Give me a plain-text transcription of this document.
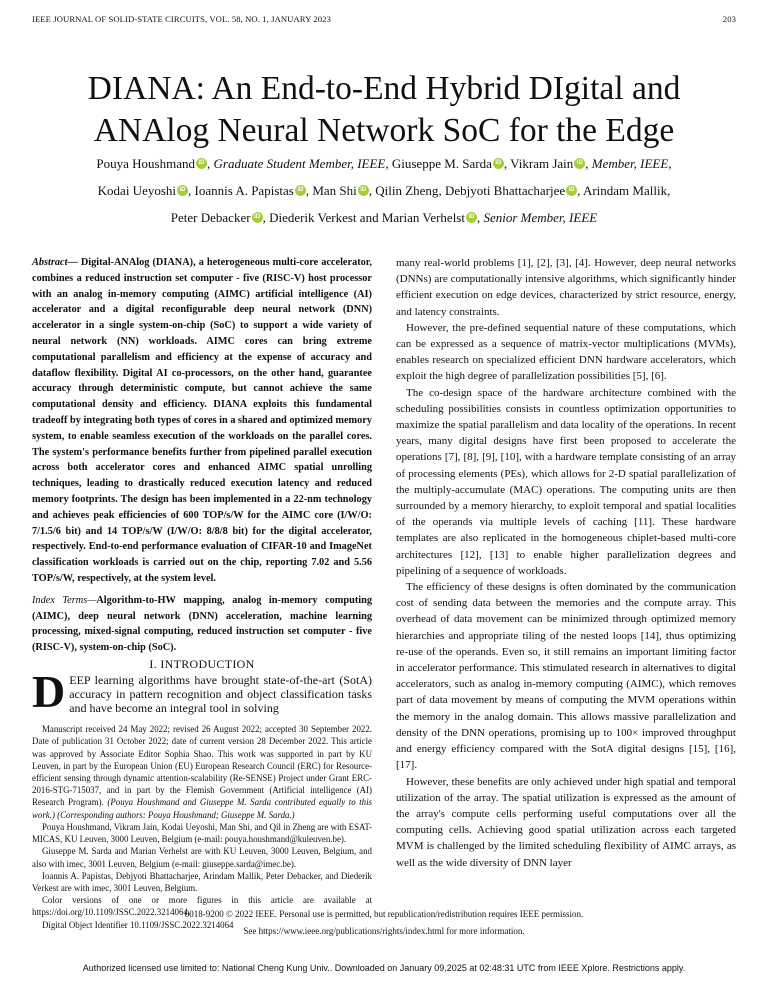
IEEE JOURNAL OF SOLID-STATE CIRCUITS, VOL. 58, NO. 1, JANUARY 2023	203
DIANA: An End-to-End Hybrid DIgital and
ANAlog Neural Network SoC for the Edge
Pouya Houshmand iD , Graduate Student Member, IEEE, Giuseppe M. Sarda iD , Vikram Jain iD , Member, IEEE,
Kodai Ueyoshi iD , Ioannis A. Papistas iD , Man Shi iD , Qilin Zheng, Debjyoti Bhattacharjee iD , Arindam Mallik,
Peter Debacker iD , Diederik Verkest and Marian Verhelst iD , Senior Member, IEEE
Abstract— Digital-ANAlog (DIANA), a heterogeneous multi-core accelerator, combines a reduced instruction set computer - five (RISC-V) host processor with an analog in-memory computing (AIMC) artificial intelligence (AI) accelerator and a digital reconfigurable deep neural network (DNN) accelerator in a single system-on-chip (SoC) to support a wide variety of neural network (NN) workloads. AIMC cores can bring extreme computational parallelism and efficiency at the expense of accuracy and dataflow flexibility. Digital AI co-processors, on the other hand, guarantee accuracy through deterministic compute, but cannot achieve the same computational density and efficiency. DIANA exploits this fundamental tradeoff by integrating both types of cores in a shared and optimized memory system, to enable seamless execution of the workloads on the parallel cores. The system's performance benefits further from pipelined parallel execution across both accelerator cores and enhanced AIMC spatial unrolling techniques, leading to drastically reduced execution latency and reduced memory footprints. The design has been implemented in a 22-nm technology and achieves peak efficiencies of 600 TOP/s/W for the AIMC core (I/W/O: 7/1.5/6 bit) and 14 TOP/s/W (I/W/O: 8/8/8 bit) for the digital accelerator, respectively. End-to-end performance evaluation of CIFAR-10 and ImageNet classification workloads is carried out on the chip, reporting 7.02 and 5.56 TOP/s/W, respectively, at the system level.
Index Terms—Algorithm-to-HW mapping, analog in-memory computing (AIMC), deep neural network (DNN) acceleration, machine learning processing, mixed-signal computing, reduced instruction set computer - five (RISC-V), system-on-chip (SoC).
I. INTRODUCTION
DEEP learning algorithms have brought state-of-the-art (SotA) accuracy in pattern recognition and object classification tasks and have become an integral tool in solving
Manuscript received 24 May 2022; revised 26 August 2022; accepted 30 September 2022. Date of publication 31 October 2022; date of current version 28 December 2022. This article was approved by Associate Editor Sophia Shao. This work was supported in part by KU Leuven, in part by the European Union (EU) European Research Council (ERC) for Resource-efficient sensing through dynamic attention-scalability (Re-SENSE) Project under Grant ERC-2016-STG-715037, and in part by the Flemish Government (Artificial intelligence (AI) Research Program). (Pouya Houshmand and Giuseppe M. Sarda contributed equally to this work.) (Corresponding authors: Pouya Houshmand; Giuseppe M. Sarda.)
Pouya Houshmand, Vikram Jain, Kodai Ueyoshi, Man Shi, and Qil in Zheng are with ESAT-MICAS, KU Leuven, 3000 Leuven, Belgium (e-mail: pouya.houshmand@kuleuven.be).
Giuseppe M. Sarda and Marian Verhelst are with KU Leuven, 3000 Leuven, Belgium, and also with imec, 3001 Leuven, Belgium (e-mail: giuseppe.sarda@imec.be).
Ioannis A. Papistas, Debjyoti Bhattacharjee, Arindam Mallik, Peter Debacker, and Diederik Verkest are with imec, 3001 Leuven, Belgium.
Color versions of one or more figures in this article are available at https://doi.org/10.1109/JSSC.2022.3214064.
Digital Object Identifier 10.1109/JSSC.2022.3214064
many real-world problems [1], [2], [3], [4]. However, deep neural networks (DNNs) are computationally intensive algorithms, which significantly hinder efficient execution on edge devices, characterized by strict resource, energy, and latency constraints.
However, the pre-defined sequential nature of these computations, which can be expressed as a sequence of matrix-vector multiplications (MVMs), enables research on specialized efficient DNN hardware accelerators, which exploit the high degree of parallelization possibilities [5], [6].
The co-design space of the hardware architecture combined with the scheduling possibilities consists in countless optimization opportunities to maximize the spatial parallelism and data locality of the operations. In recent years, many digital designs have first been proposed to accelerate the operations [7], [8], [9], [10], with a hardware template consisting of an array of processing elements (PEs), which allows for 2-D spatial parallelization of the multiply-accumulate (MAC) operations. The computing units are then surrounded by a memory hierarchy, to exploit temporal and spatial localities of the operands via multiple levels of caching [11]. These hardware templates are also replicated in the homogeneous chiplet-based multi-core architectures [12], [13] to enable higher parallelization degrees and pipelining of a sequence of workloads.
The efficiency of these designs is often dominated by the communication cost of sending data between the memories and the compute array. This overhead of data movement can be minimized through optimized memory hierarchies and appropriate tiling of the nested loops [14], thus optimizing re-use of the operands. Even so, it still remains an important limiting factor in accelerator performance. This stimulated research in alternatives to digital accelerators, such as analog in-memory computing (AIMC), which removes part of data movement by means of computing the MVM operations within the memory in the analog domain. This allows massive parallelization and density of the DNN operations, promising up to 100× improved throughput and energy efficiency compared with the SotA digital designs [15], [16], [17].
However, these benefits are only achieved under high spatial and temporal utilization of the array. The spatial utilization is expressed as the amount of the array's compute cells performing useful computations over all the computing cells. Achieving good spatial utilization across each targeted MVM is challenged by the limited scheduling flexibility of AIMC arrays, as well as the wide diversity of DNN layer
0018-9200 © 2022 IEEE. Personal use is permitted, but republication/redistribution requires IEEE permission.
See https://www.ieee.org/publications/rights/index.html for more information.
Authorized licensed use limited to: National Cheng Kung Univ.. Downloaded on January 09,2025 at 02:48:31 UTC from IEEE Xplore. Restrictions apply.
